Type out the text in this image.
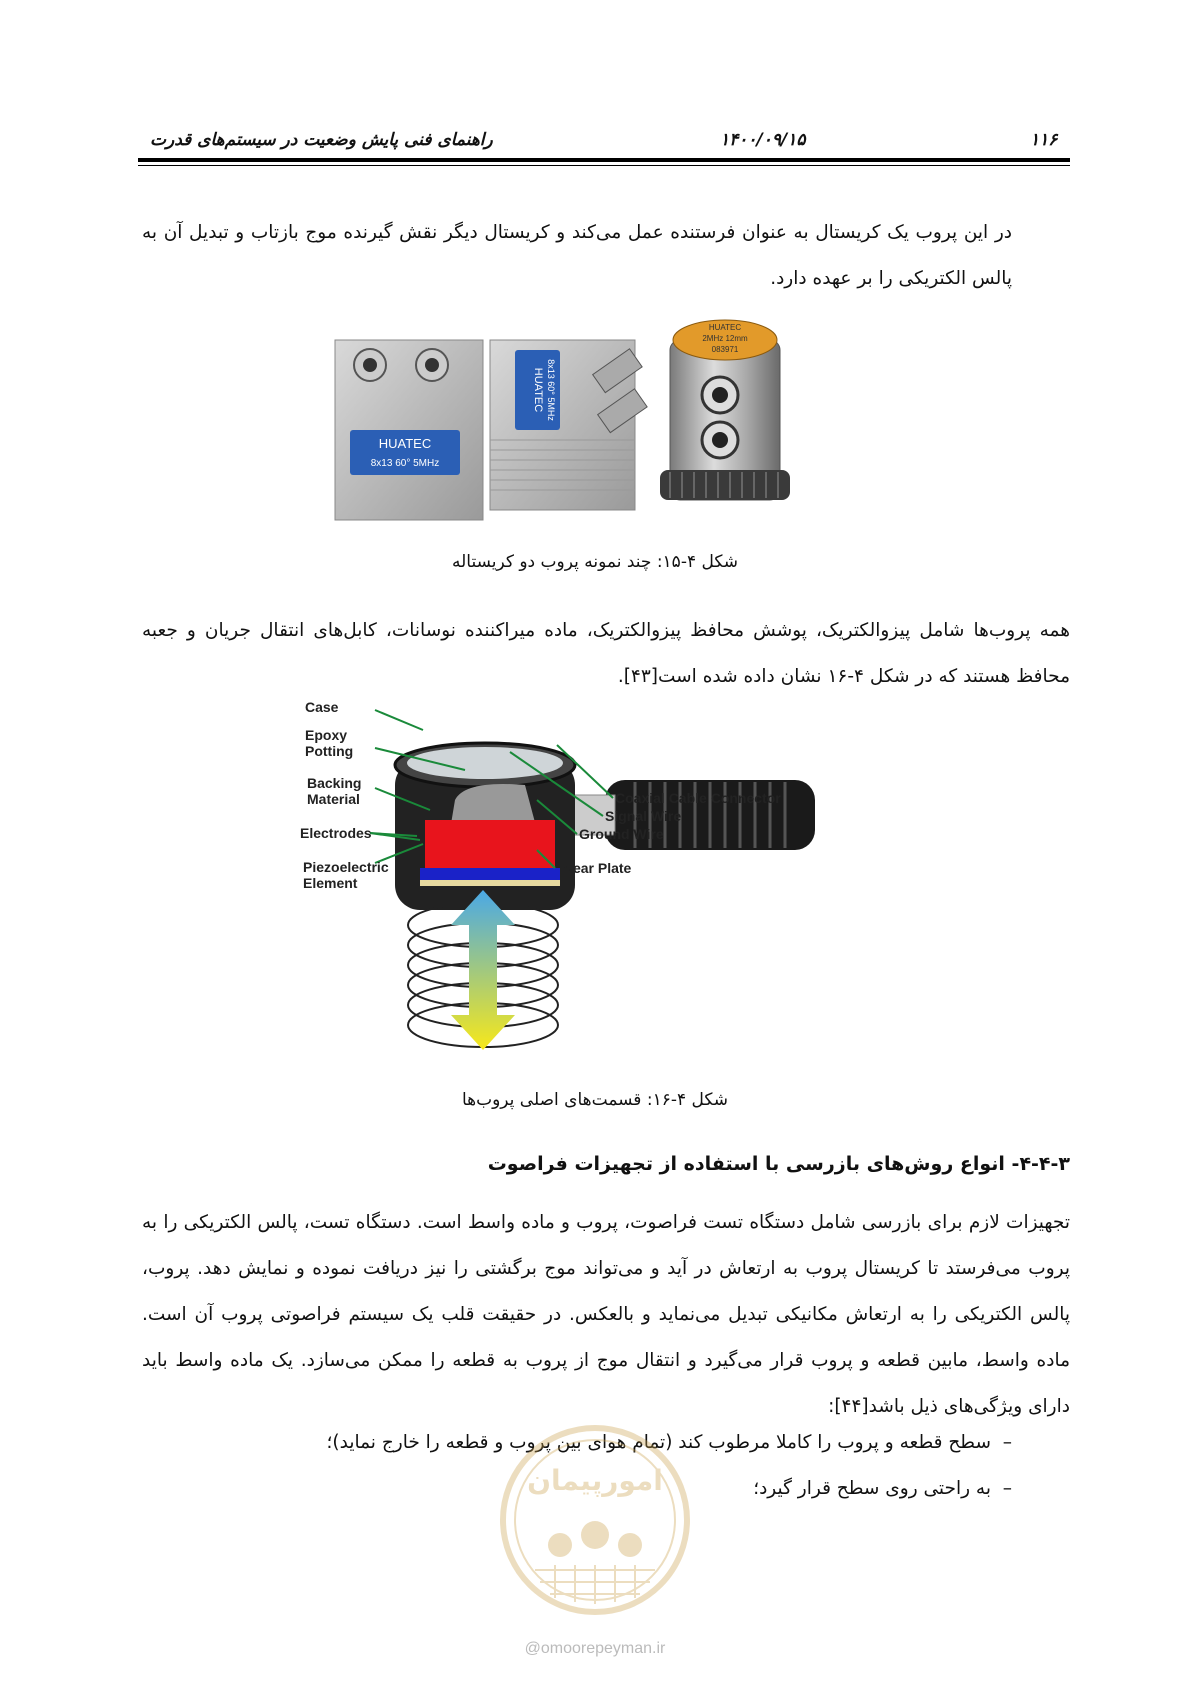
۱۱۶
۱۴۰۰/۰۹/۱۵
راهنمای فنی پایش وضعیت در سیستم‌های قدرت
در این پروب یک کریستال به عنوان فرستنده عمل می‌کند و کریستال دیگر نقش گیرنده موج بازتاب و تبدیل آن به پالس الکتریکی را بر عهده دارد.
HUATEC
8x13 60° 5MHz
HUATEC 8x13 60° 5MHz
HUATEC
2MHz 12mm
083971
شکل ۴-۱۵: چند نمونه پروب دو کریستاله
همه پروب‌ها شامل پیزوالکتریک، پوشش محافظ پیزوالکتریک، ماده میراکننده نوسانات، کابل‌های انتقال جریان و جعبه محافظ هستند که در شکل ۴-۱۶ نشان داده شده است[۴۳].
Case
Epoxy
Potting
Backing
Material
Electrodes
Piezoelectric
Element
Coaxial Cable Connector
Signal Wire
Ground Wire
Wear Plate
شکل ۴-۱۶: قسمت‌های اصلی پروب‌ها
۴-۴-۳- انواع روش‌های بازرسی با استفاده از تجهیزات فراصوت
تجهیزات لازم برای بازرسی شامل دستگاه تست فراصوت، پروب و ماده واسط است. دستگاه تست، پالس الکتریکی را به پروب می‌فرستد تا کریستال پروب به ارتعاش در آید و می‌تواند موج برگشتی را نیز دریافت نموده و نمایش دهد. پروب، پالس الکتریکی را به ارتعاش مکانیکی تبدیل می‌نماید و بالعکس. در حقیقت قلب یک سیستم فراصوتی پروب آن است. ماده واسط، مابین قطعه و پروب قرار می‌گیرد و انتقال موج از پروب به قطعه را ممکن می‌سازد. یک ماده واسط باید دارای ویژگی‌های ذیل باشد[۴۴]:
–  سطح قطعه و پروب را کاملا مرطوب کند (تمام هوای بین پروب و قطعه را خارج نماید)؛
–  به راحتی روی سطح قرار گیرد؛
امورپیمان
@omoorepeyman.ir
